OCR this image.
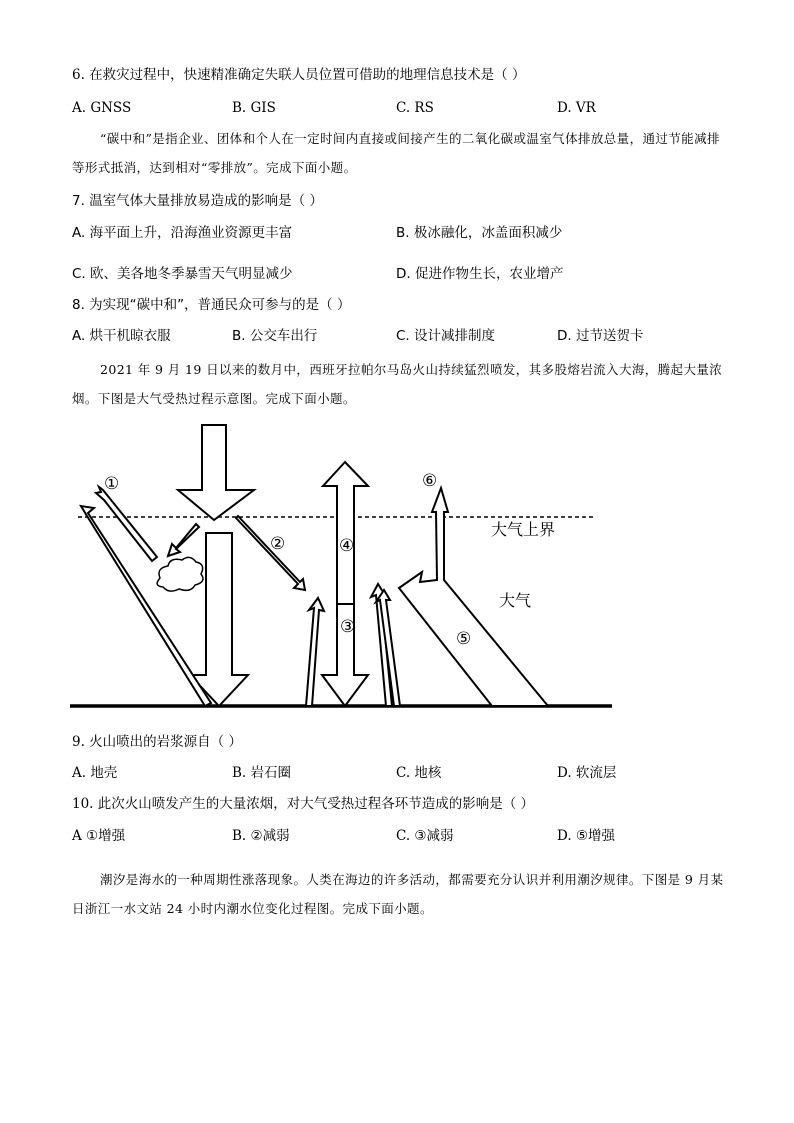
6. 在救灾过程中，快速精准确定失联人员位置可借助的地理信息技术是（ ）
A. GNSS	B. GIS	C. RS	D. VR
“碳中和”是指企业、团体和个人在一定时间内直接或间接产生的二氧化碳或温室气体排放总量，通过节能减排等形式抵消，达到相对“零排放”。完成下面小题。
7. 温室气体大量排放易造成的影响是（ ）
A. 海平面上升，沿海渔业资源更丰富	B. 极冰融化，冰盖面积减少
C. 欧、美各地冬季暴雪天气明显减少	D. 促进作物生长，农业增产
8. 为实现“碳中和”，普通民众可参与的是（ ）
A. 烘干机晾衣服	B. 公交车出行	C. 设计减排制度	D. 过节送贺卡
2021 年 9 月 19 日以来的数月中，西班牙拉帕尔马岛火山持续猛烈喷发，其多股熔岩流入大海，腾起大量浓烟。下图是大气受热过程示意图。完成下面小题。
①
②
③
④
⑤
⑥
大气上界
大气
9. 火山喷出的岩浆源自（ ）
A. 地壳	B. 岩石圈	C. 地核	D. 软流层
10. 此次火山喷发产生的大量浓烟，对大气受热过程各环节造成的影响是（ ）
A ①增强	B. ②减弱	C. ③减弱	D. ⑤增强
潮汐是海水的一种周期性涨落现象。人类在海边的许多活动，都需要充分认识并利用潮汐规律。下图是 9 月某日浙江一水文站 24 小时内潮水位变化过程图。完成下面小题。
